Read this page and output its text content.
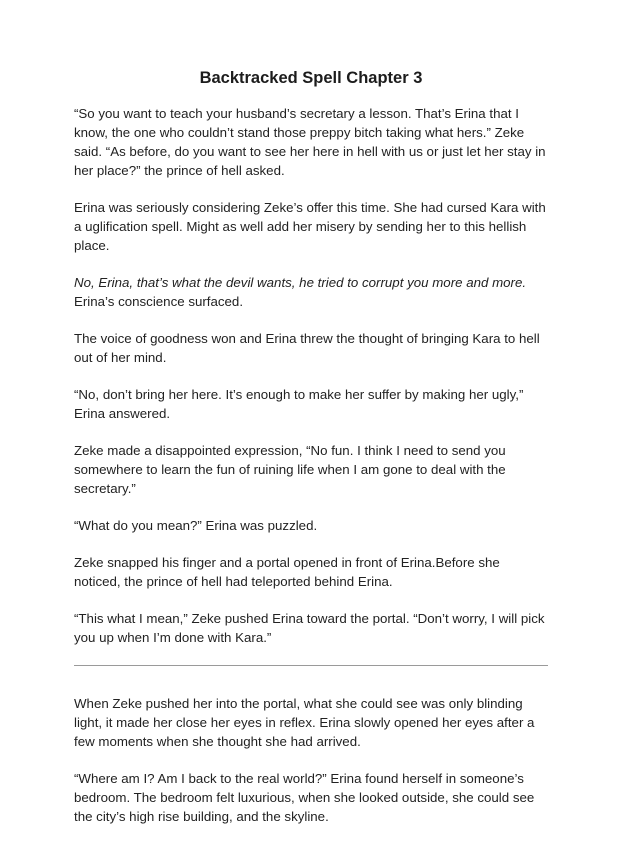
Backtracked Spell Chapter 3

“So you want to teach your husband’s secretary a lesson. That’s Erina that I know, the one who couldn’t stand those preppy bitch taking what hers.” Zeke said. “As before, do you want to see her here in hell with us or just let her stay in her place?” the prince of hell asked.

Erina was seriously considering Zeke’s offer this time. She had cursed Kara with a uglification spell. Might as well add her misery by sending her to this hellish place.

No, Erina, that’s what the devil wants, he tried to corrupt you more and more. Erina’s conscience surfaced.

The voice of goodness won and Erina threw the thought of bringing Kara to hell out of her mind.

“No, don’t bring her here. It’s enough to make her suffer by making her ugly,” Erina answered.

Zeke made a disappointed expression, “No fun. I think I need to send you somewhere to learn the fun of ruining life when I am gone to deal with the secretary.”

“What do you mean?” Erina was puzzled.

Zeke snapped his finger and a portal opened in front of Erina.Before she noticed, the prince of hell had teleported behind Erina.

“This what I mean,” Zeke pushed Erina toward the portal. “Don’t worry, I will pick you up when I’m done with Kara.”

When Zeke pushed her into the portal, what she could see was only blinding light, it made her close her eyes in reflex. Erina slowly opened her eyes after a few moments when she thought she had arrived.

“Where am I? Am I back to the real world?” Erina found herself in someone’s bedroom. The bedroom felt luxurious, when she looked outside, she could see the city’s high rise building, and the skyline.
